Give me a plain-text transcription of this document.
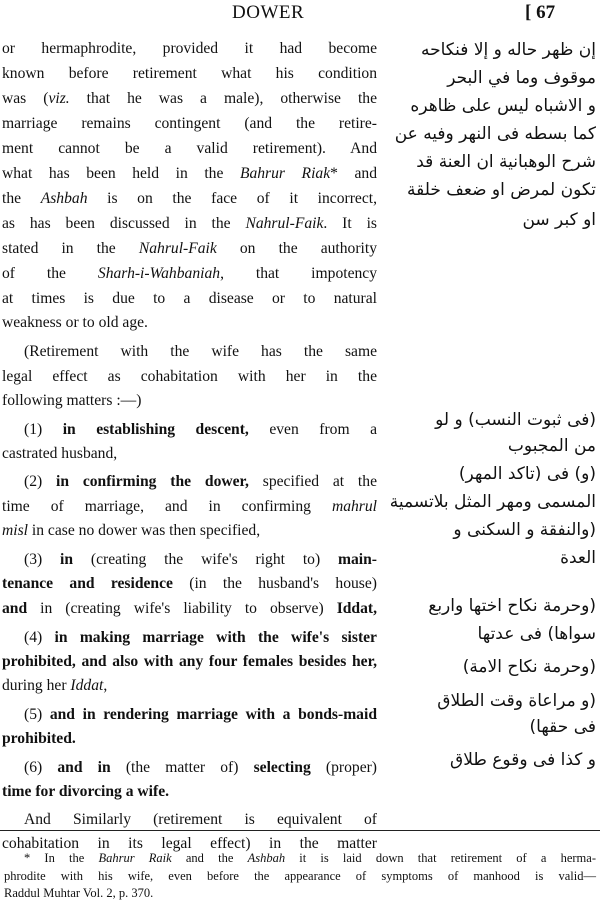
DOWER	[ 67
or hermaphrodite, provided it had become
known before retirement what his condition
was (viz. that he was a male), otherwise the
marriage remains contingent (and the retire-
ment cannot be a valid retirement). And
what has been held in the Bahrur Riak* and
the Ashbah is on the face of it incorrect,
as has been discussed in the Nahrul-Faik. It is
stated in the Nahrul-Faik on the authority
of the Sharh-i-Wahbaniah, that impotency
at times is due to a disease or to natural
weakness or to old age.
(Retirement with the wife has the same
legal effect as cohabitation with her in the
following matters :—)
(1) in establishing descent, even from a
castrated husband,
(2) in confirming the dower, specified at the
time of marriage, and in confirming mahrul
misl in case no dower was then specified,
(3) in (creating the wife's right to) main-
tenance and residence (in the husband's house)
and in (creating wife's liability to observe) Iddat,
(4) in making marriage with the wife's sister
prohibited, and also with any four females besides her,
during her Iddat,
(5) and in rendering marriage with a bonds-maid
prohibited.
(6) and in (the matter of) selecting (proper)
time for divorcing a wife.
And Similarly (retirement is equivalent of
cohabitation in its legal effect) in the matter
إن ظهر حاله و إلا فنكاحه
موقوف وما في البحر
و الاشباه ليس على ظاهره
كما بسطه فى النهر وفيه عن
شرح الوهبانية ان العنة قد
تكون لمرض او ضعف خلقة
او كبر سن
(فى ثبوت النسب) و لو
من المجبوب
(و) فى (تاكد المهر)
المسمى ومهر المثل بلاتسمية
(والنفقة و السكنى و
العدة
(وحرمة نكاح اختها واربع
سواها) فى عدتها
(وحرمة نكاح الامة)
(و مراعاة وقت الطلاق
فى حقها)
و كذا فى وقوع طلاق
* In the Bahrur Raik and the Ashbah it is laid down that retirement of a herma-
phrodite with his wife, even before the appearance of symptoms of manhood is valid—
Raddul Muhtar Vol. 2, p. 370.
